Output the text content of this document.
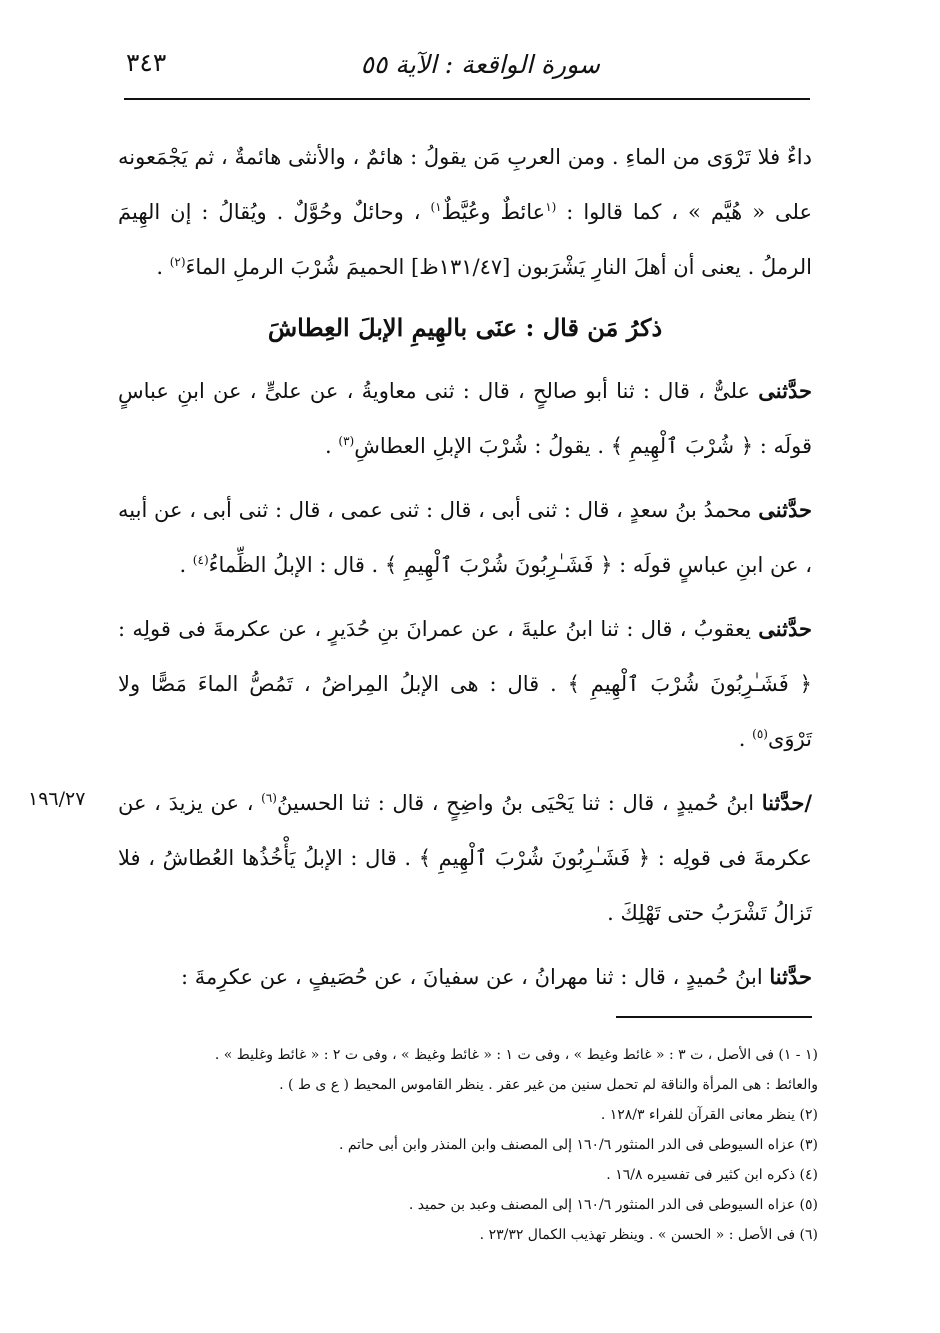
سورة الواقعة : الآية ٥٥
٣٤٣

داءٌ فلا تَرْوَى من الماءِ . ومن العربِ مَن يقولُ : هائمٌ ، والأنثى هائمةٌ ، ثم يَجْمَعونه على « هُيَّم » ، كما قالوا : $^{(١}$عائطٌ وعُيَّطٌ$^{١)}$ ، وحائلٌ وحُوَّلٌ . ويُقالُ : إن الهِيمَ الرملُ . يعنى أن أهلَ النارِ يَشْرَبون [١٣١/٤٧ظ] الحميمَ شُرْبَ الرملِ الماءَ$^{(٢)}$ .

ذكرُ مَن قال : عنَى بالهِيمِ الإبلَ العِطاشَ

حدَّثنى علىٌّ ، قال : ثنا أبو صالحٍ ، قال : ثنى معاويةُ ، عن علىٍّ ، عن ابنِ عباسٍ قولَه : ﴿ شُرْبَ ٱلْهِيمِ ﴾ . يقولُ : شُرْبَ الإبلِ العطاشِ$^{(٣)}$ .

حدَّثنى محمدُ بنُ سعدٍ ، قال : ثنى أبى ، قال : ثنى عمى ، قال : ثنى أبى ، عن أبيه ، عن ابنِ عباسٍ قولَه : ﴿ فَشَـٰرِبُونَ شُرْبَ ٱلْهِيمِ ﴾ . قال : الإبلُ الظِّماءُ$^{(٤)}$ .

حدَّثنى يعقوبُ ، قال : ثنا ابنُ عليةَ ، عن عمرانَ بنِ حُدَيرٍ ، عن عكرمةَ فى قولِه : ﴿ فَشَـٰرِبُونَ شُرْبَ ٱلْهِيمِ ﴾ . قال : هى الإبلُ المِراضُ ، تَمُصُّ الماءَ مَصًّا ولا تَرْوَى$^{(٥)}$ .

/حدَّثنا ابنُ حُميدٍ ، قال : ثنا يَحْيَى بنُ واضِحٍ ، قال : ثنا الحسينُ$^{(٦)}$ ، عن يزيدَ ، عن عكرمةَ فى قولِه : ﴿ فَشَـٰرِبُونَ شُرْبَ ٱلْهِيمِ ﴾ . قال : الإبلُ يَأْخُذُها العُطاشُ ، فلا تَزالُ تَشْرَبُ حتى تَهْلِكَ .

حدَّثنا ابنُ حُميدٍ ، قال : ثنا مهرانُ ، عن سفيانَ ، عن حُصَيفٍ ، عن عكرِمةَ :

١٩٦/٢٧

(١ - ١) فى الأصل ، ت ٣ : « غائط وغيط » ، وفى ت ١ : « غائط وغيظ » ، وفى ت ٢ : « غائط وغليط » .

والعائط : هى المرأة والناقة لم تحمل سنين من غير عقر . ينظر القاموس المحيط ( ع ى ط ) .

(٢) ينظر معانى القرآن للفراء ١٢٨/٣ .

(٣) عزاه السيوطى فى الدر المنثور ١٦٠/٦ إلى المصنف وابن المنذر وابن أبى حاتم .

(٤) ذكره ابن كثير فى تفسيره ١٦/٨ .

(٥) عزاه السيوطى فى الدر المنثور ١٦٠/٦ إلى المصنف وعبد بن حميد .

(٦) فى الأصل : « الحسن » . وينظر تهذيب الكمال ٢٣/٣٢ .
